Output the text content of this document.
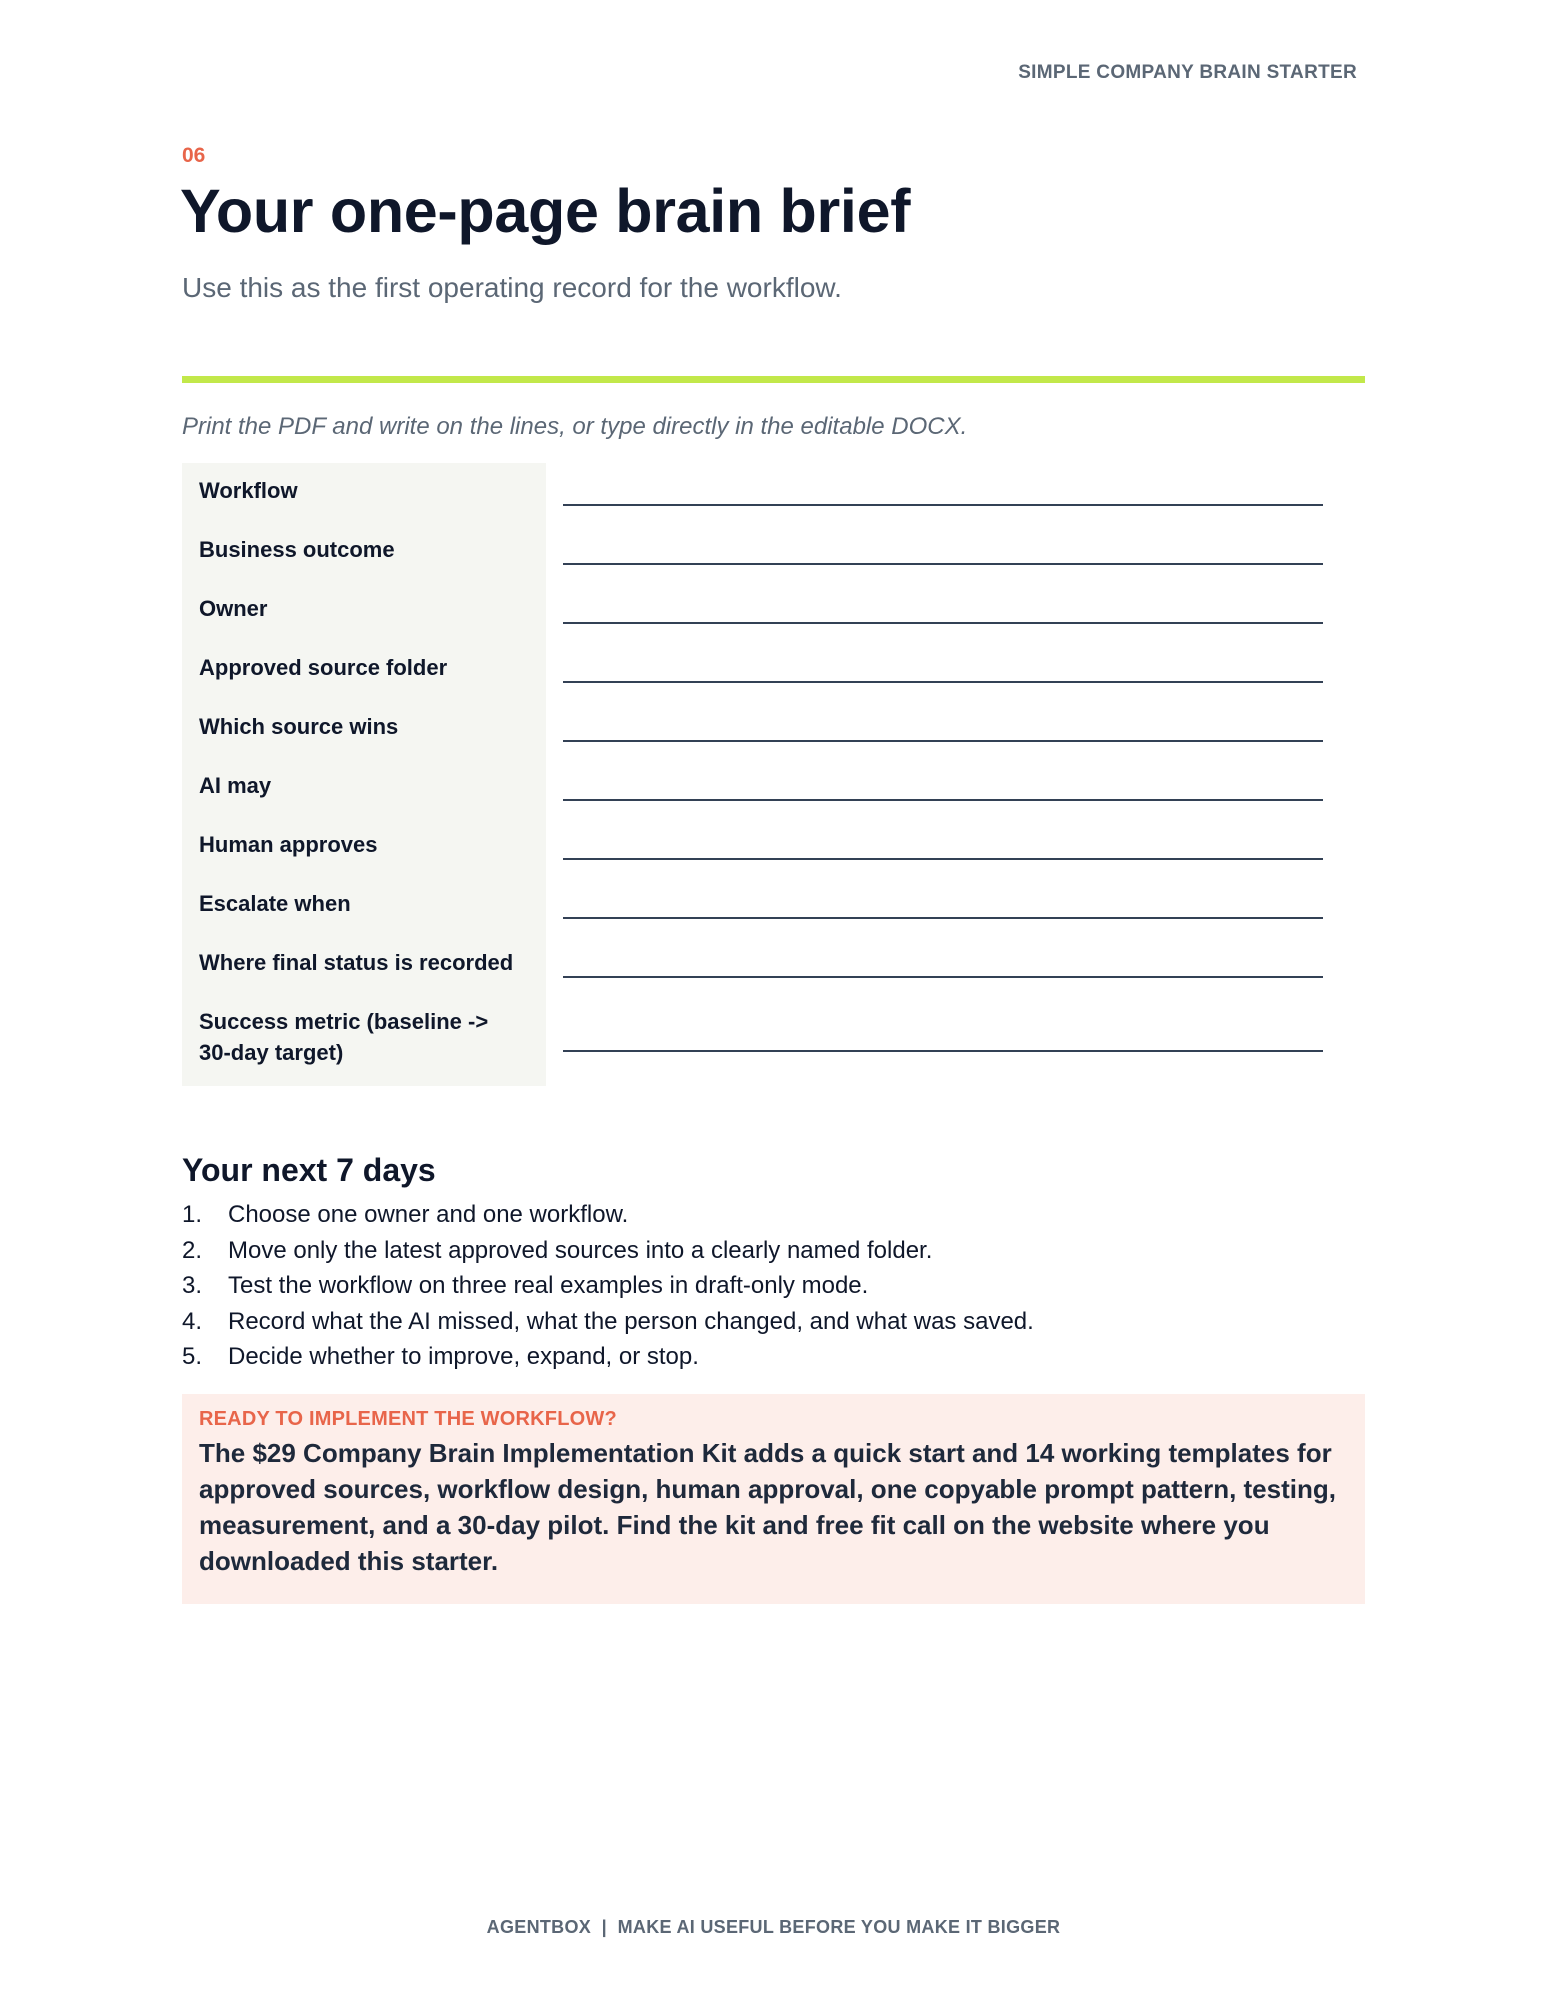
SIMPLE COMPANY BRAIN STARTER
06
Your one-page brain brief
Use this as the first operating record for the workflow.
Print the PDF and write on the lines, or type directly in the editable DOCX.
Workflow
Business outcome
Owner
Approved source folder
Which source wins
AI may
Human approves
Escalate when
Where final status is recorded
Success metric (baseline -> 30-day target)
Your next 7 days
1. Choose one owner and one workflow.
2. Move only the latest approved sources into a clearly named folder.
3. Test the workflow on three real examples in draft-only mode.
4. Record what the AI missed, what the person changed, and what was saved.
5. Decide whether to improve, expand, or stop.
READY TO IMPLEMENT THE WORKFLOW?
The $29 Company Brain Implementation Kit adds a quick start and 14 working templates for approved sources, workflow design, human approval, one copyable prompt pattern, testing, measurement, and a 30-day pilot. Find the kit and free fit call on the website where you downloaded this starter.
AGENTBOX  |  MAKE AI USEFUL BEFORE YOU MAKE IT BIGGER
